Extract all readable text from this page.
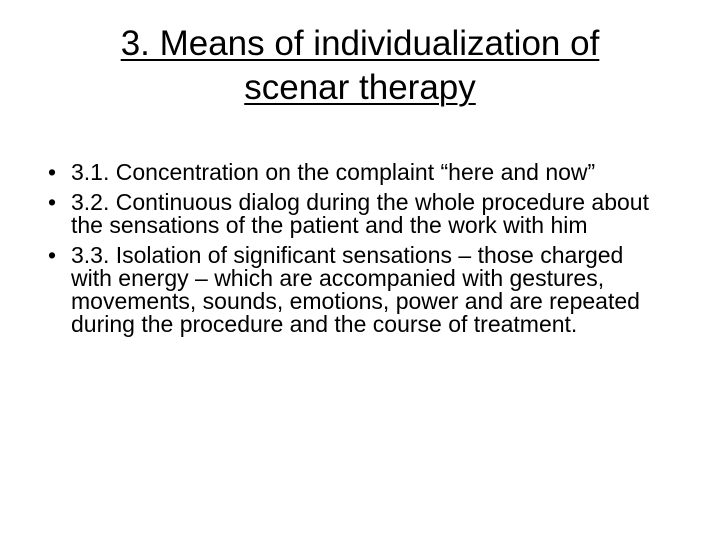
3. Means of individualization of
scenar therapy
• 3.1. Concentration on the complaint “here and now”
• 3.2. Continuous dialog during the whole procedure about the sensations of the patient and the work with him
• 3.3. Isolation of significant sensations – those charged with energy – which are accompanied with gestures, movements, sounds, emotions, power and are repeated during the procedure and the course of treatment.
